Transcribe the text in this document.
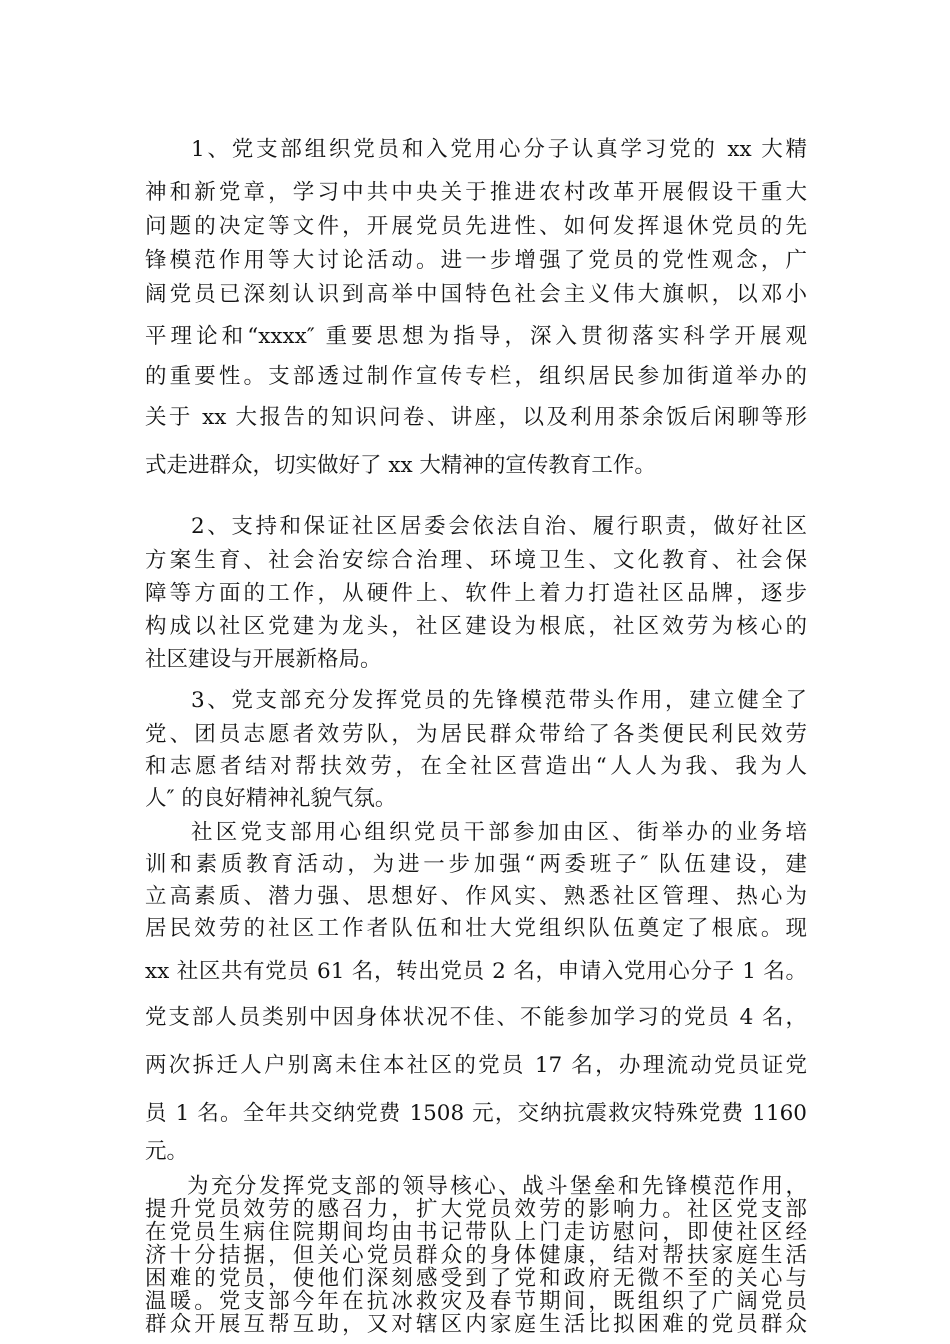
1、党支部组织党员和入党用心分子认真学习党的 xx 大精
神和新党章，学习中共中央关于推进农村改革开展假设干重大
问题的决定等文件，开展党员先进性、如何发挥退休党员的先
锋模范作用等大讨论活动。进一步增强了党员的党性观念，广
阔党员已深刻认识到高举中国特色社会主义伟大旗帜，以邓小
平理论和“xxxx″ 重要思想为指导，深入贯彻落实科学开展观
的重要性。支部透过制作宣传专栏，组织居民参加街道举办的
关于 xx 大报告的知识问卷、讲座，以及利用茶余饭后闲聊等形
式走进群众，切实做好了 xx 大精神的宣传教育工作。
2、支持和保证社区居委会依法自治、履行职责，做好社区
方案生育、社会治安综合治理、环境卫生、文化教育、社会保
障等方面的工作，从硬件上、软件上着力打造社区品牌，逐步
构成以社区党建为龙头，社区建设为根底，社区效劳为核心的
社区建设与开展新格局。
3、党支部充分发挥党员的先锋模范带头作用，建立健全了
党、团员志愿者效劳队，为居民群众带给了各类便民利民效劳
和志愿者结对帮扶效劳，在全社区营造出“人人为我、我为人
人″ 的良好精神礼貌气氛。
社区党支部用心组织党员干部参加由区、街举办的业务培
训和素质教育活动，为进一步加强“两委班子″ 队伍建设，建
立高素质、潜力强、思想好、作风实、熟悉社区管理、热心为
居民效劳的社区工作者队伍和壮大党组织队伍奠定了根底。现
xx 社区共有党员 61 名，转出党员 2 名，申请入党用心分子 1 名。
党支部人员类别中因身体状况不佳、不能参加学习的党员 4 名，
两次拆迁人户别离未住本社区的党员 17 名，办理流动党员证党
员 1 名。全年共交纳党费 1508 元，交纳抗震救灾特殊党费 1160
元。
为充分发挥党支部的领导核心、战斗堡垒和先锋模范作用，
提升党员效劳的感召力，扩大党员效劳的影响力。社区党支部
在党员生病住院期间均由书记带队上门走访慰问，即使社区经
济十分拮据，但关心党员群众的身体健康，结对帮扶家庭生活
困难的党员，使他们深刻感受到了党和政府无微不至的关心与
温暖。党支部今年在抗冰救灾及春节期间，既组织了广阔党员
群众开展互帮互助，又对辖区内家庭生活比拟困难的党员群众
